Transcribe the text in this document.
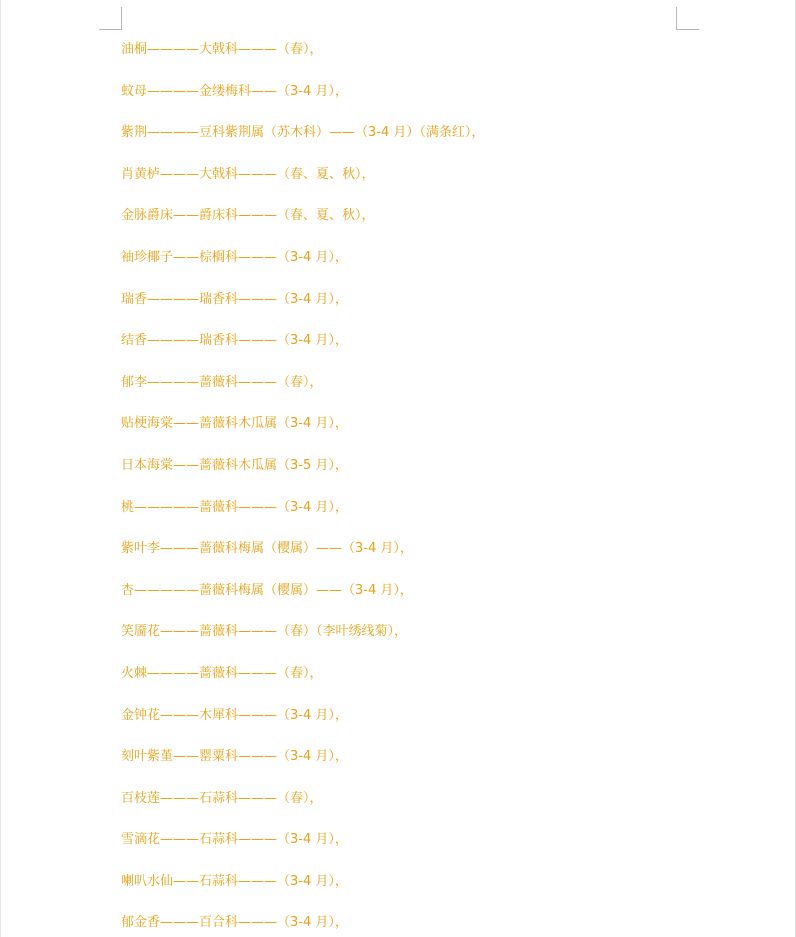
油桐————大戟科———（春），
蚊母————金缕梅科——（3-4 月），
紫荆————豆科紫荆属（苏木科）——（3-4 月）（满条红），
肖黄栌———大戟科———（春、夏、秋），
金脉爵床——爵床科———（春、夏、秋），
袖珍椰子——棕榈科———（3-4 月），
瑞香————瑞香科———（3-4 月），
结香————瑞香科———（3-4 月），
郁李————蔷薇科———（春），
贴梗海棠——蔷薇科木瓜属（3-4 月），
日本海棠——蔷薇科木瓜属（3-5 月），
桃—————蔷薇科———（3-4 月），
紫叶李———蔷薇科梅属（樱属）——（3-4 月），
杏—————蔷薇科梅属（樱属）——（3-4 月），
笑靥花———蔷薇科———（春）（李叶绣线菊），
火棘————蔷薇科———（春），
金钟花———木犀科———（3-4 月），
刻叶紫堇——罂粟科———（3-4 月），
百枝莲———石蒜科———（春），
雪滴花———石蒜科———（3-4 月），
喇叭水仙——石蒜科———（3-4 月），
郁金香———百合科———（3-4 月），
